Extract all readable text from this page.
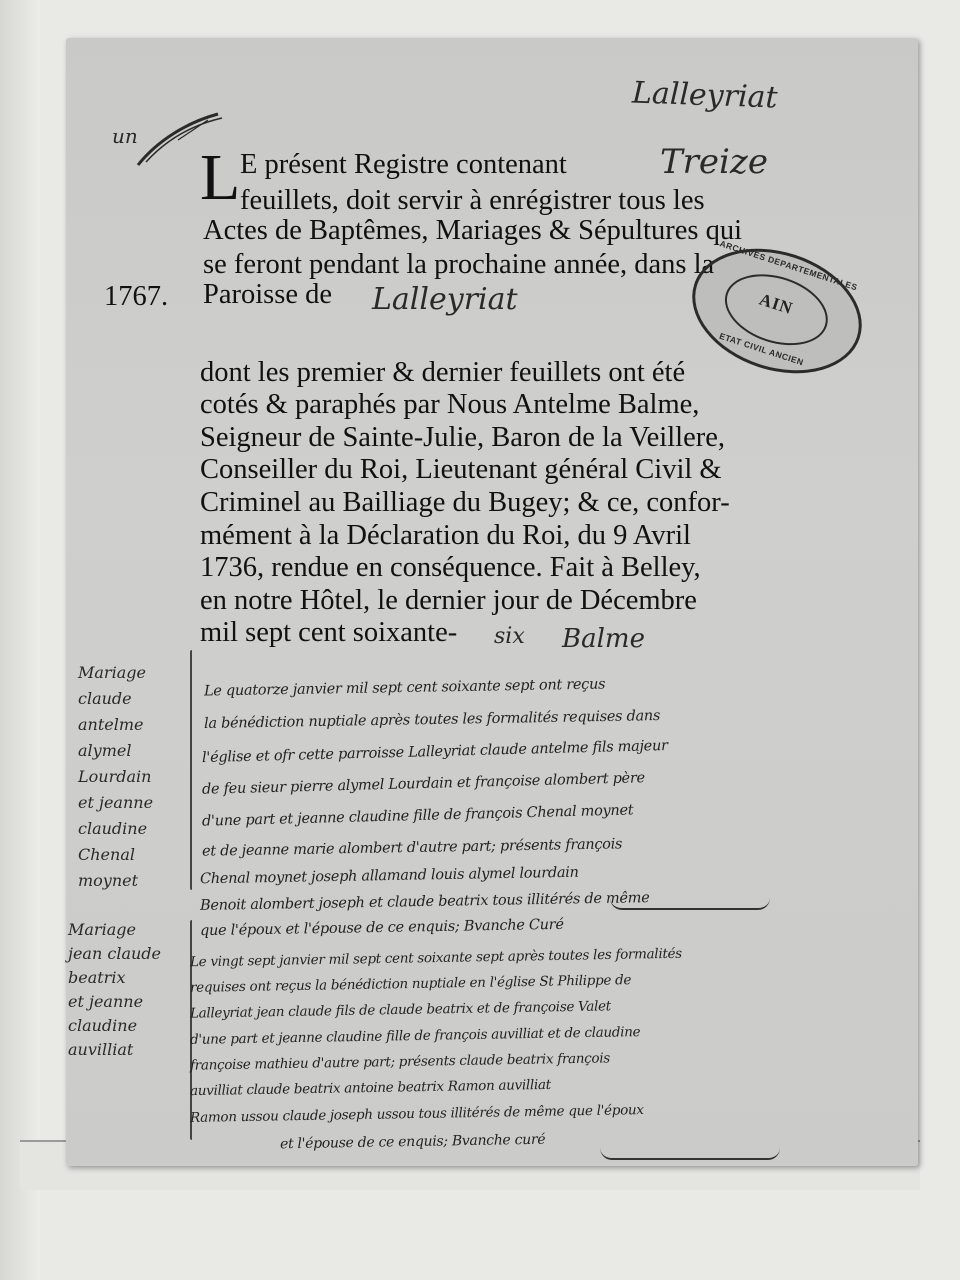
Lalleyriat
un
L E présent Registre contenant	Treize
feuillets, doit servir à enrégistrer tous les
Actes de Baptêmes, Mariages & Sépultures qui
se feront pendant la prochaine année, dans la
1767. Paroisse de Lalleyriat
ARCHIVES DEPARTEMENTALES
AIN
ETAT CIVIL ANCIEN
dont les premier & dernier feuillets ont été
cotés & paraphés par Nous Antelme Balme,
Seigneur de Sainte-Julie, Baron de la Veillere,
Conseiller du Roi, Lieutenant général Civil &
Criminel au Bailliage du Bugey; & ce, confor-
mément à la Déclaration du Roi, du 9 Avril
1736, rendue en conséquence. Fait à Belley,
en notre Hôtel, le dernier jour de Décembre
mil sept cent soixante- six Balme
Mariage
claude
antelme
alymel
Lourdain
et jeanne
claudine
Chenal
moynet
Mariage
jean claude
beatrix
et jeanne
claudine
auvilliat
Le quatorze janvier mil sept cent soixante sept ont reçus
la bénédiction nuptiale après toutes les formalités requises dans
l'église et ofr cette parroisse Lalleyriat claude antelme fils majeur
de feu sieur pierre alymel Lourdain et françoise alombert père
d'une part et jeanne claudine fille de françois Chenal moynet
et de jeanne marie alombert d'autre part; présents françois
Chenal moynet joseph allamand louis alymel lourdain
Benoit alombert joseph et claude beatrix tous illitérés de même
que l'époux et l'épouse de ce enquis; Bvanche Curé
Le vingt sept janvier mil sept cent soixante sept après toutes les formalités
requises ont reçus la bénédiction nuptiale en l'église St Philippe de
Lalleyriat jean claude fils de claude beatrix et de françoise Valet
d'une part et jeanne claudine fille de françois auvilliat et de claudine
françoise mathieu d'autre part; présents claude beatrix françois
auvilliat claude beatrix antoine beatrix Ramon auvilliat
Ramon ussou claude joseph ussou tous illitérés de même que l'époux
et l'épouse de ce enquis; Bvanche curé
